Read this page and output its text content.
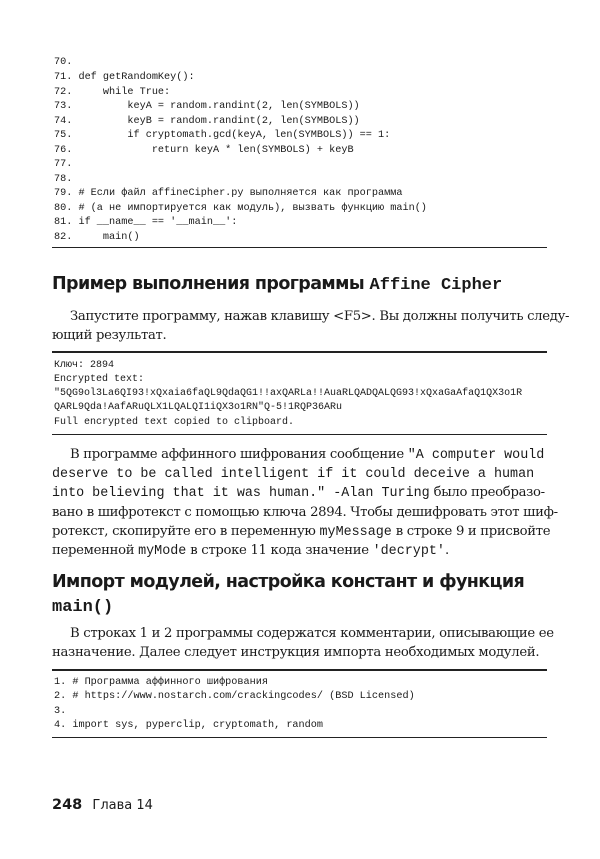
70.
71. def getRandomKey():
72.     while True:
73.         keyA = random.randint(2, len(SYMBOLS))
74.         keyB = random.randint(2, len(SYMBOLS))
75.         if cryptomath.gcd(keyA, len(SYMBOLS)) == 1:
76.             return keyA * len(SYMBOLS) + keyB
77.
78.
79. # Если файл affineCipher.py выполняется как программа
80. # (а не импортируется как модуль), вызвать функцию main()
81. if __name__ == '__main__':
82.     main()
Пример выполнения программы Affine Cipher
Запустите программу, нажав клавишу <F5>. Вы должны получить следу-
ющий результат.
Ключ: 2894
Encrypted text:
"5QG9ol3La6QI93!xQxaia6faQL9QdaQG1!!axQARLa!!AuaRLQADQALQG93!xQxaGaAfaQ1QX3o1R
QARL9Qda!AafARuQLX1LQALQI1iQX3o1RN"Q-5!1RQP36ARu
Full encrypted text copied to clipboard.
В программе аффинного шифрования сообщение "A computer would
deserve to be called intelligent if it could deceive a human
into believing that it was human." -Alan Turing было преобразо-
вано в шифротекст с помощью ключа 2894. Чтобы дешифровать этот шиф-
ротекст, скопируйте его в переменную myMessage в строке 9 и присвойте
переменной myMode в строке 11 кода значение 'decrypt'.
Импорт модулей, настройка констант и функция
main()
В строках 1 и 2 программы содержатся комментарии, описывающие ее
назначение. Далее следует инструкция импорта необходимых модулей.
1. # Программа аффинного шифрования
2. # https://www.nostarch.com/crackingcodes/ (BSD Licensed)
3.
4. import sys, pyperclip, cryptomath, random
248 Глава 14
